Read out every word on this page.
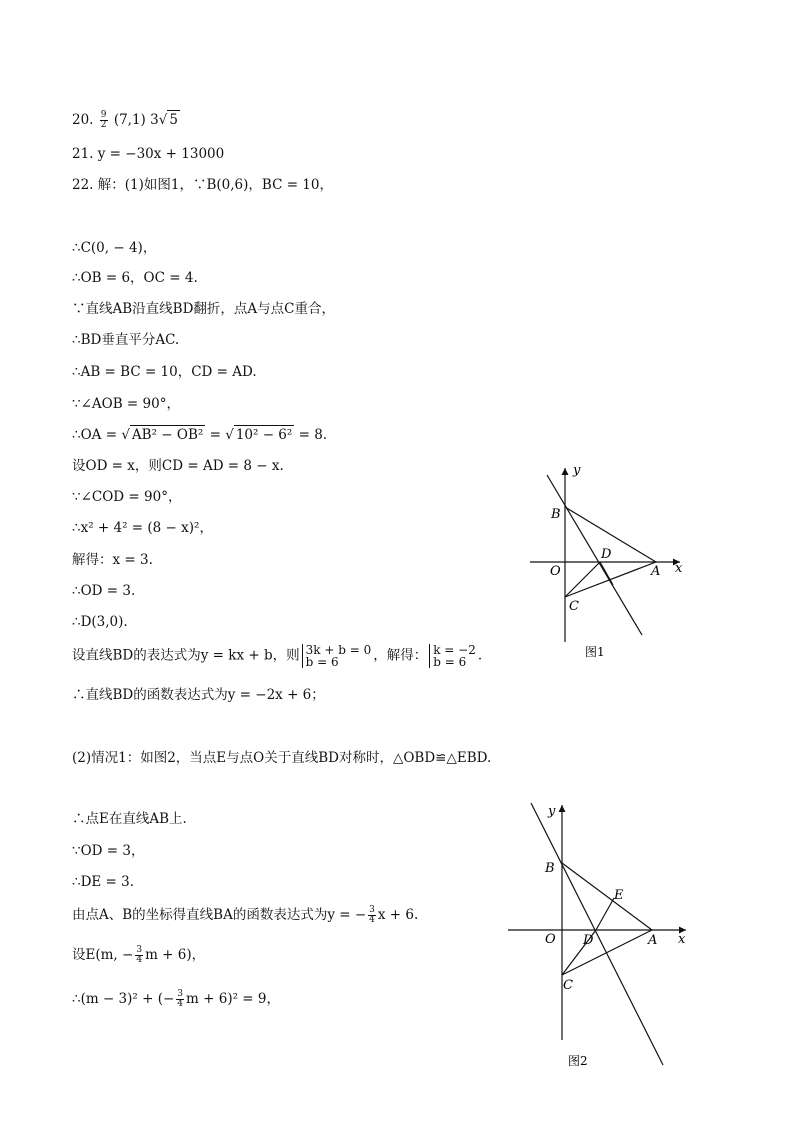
20. $\frac{9}{2} (7,1)$ 3√ 5
21. y = −30x + 13000
22. 解：(1)如图1，∵B(0,6)，BC = 10，
∴C(0, − 4)，
∴OB = 6，OC = 4.
∵直线AB沿直线BD翻折，点A与点C重合，
∴BD垂直平分AC.
∴AB = BC = 10，CD = AD.
∵∠AOB = 90°，
∴OA = √ AB² − OB² = √ 10² − 6² = 8.
设OD = x，则CD = AD = 8 − x.
∵∠COD = 90°，
∴x² + 4² = (8 − x)²，
解得：x = 3.
∴OD = 3.
∴D(3,0).
设直线BD的表达式为y = kx + b，则 3k + b = 0
b = 6	，解得： k = −2
b = 6 .
∴直线BD的函数表达式为y = −2x + 6；
(2)情况1：如图2，当点E与点O关于直线BD对称时，△OBD≌△EBD.
∴点E在直线AB上.
∵OD = 3，
∴DE = 3.
由点A、B的坐标得直线BA的函数表达式为y = − $\frac{3}{4}$ x + 6.
设E(m, − $\frac{3}{4}$ m + 6)，
∴(m − 3)² + (− $\frac{3}{4}$ m + 6)² = 9，
y
x
B
O
D
A
C
图1
y
x
B
E
O D	A
C
图2
